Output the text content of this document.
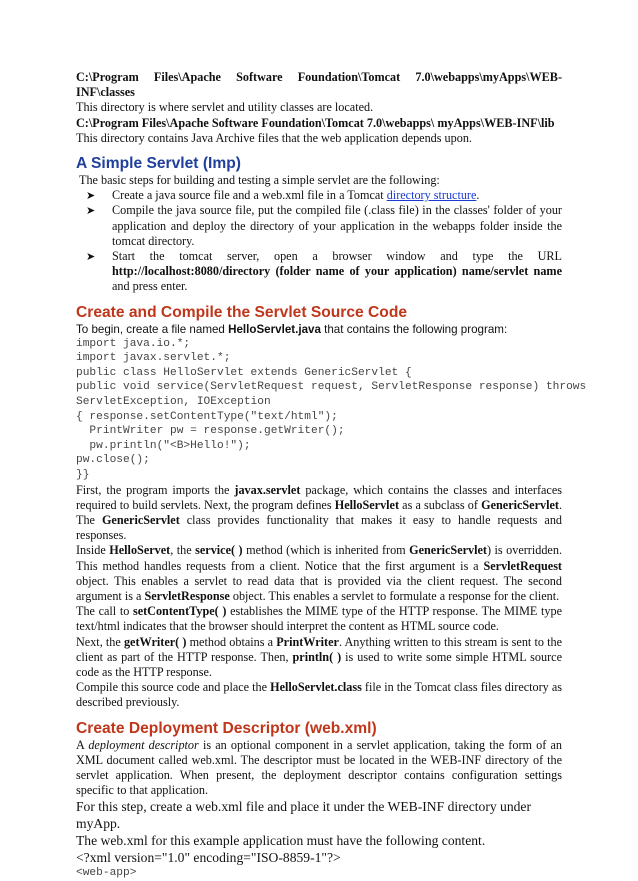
C:\Program Files\Apache Software Foundation\Tomcat 7.0\webapps\myApps\WEB-INF\classes

This directory is where servlet and utility classes are located.

C:\Program Files\Apache Software Foundation\Tomcat 7.0\webapps\ myApps\WEB-INF\lib

This directory contains Java Archive files that the web application depends upon.

A Simple Servlet (Imp)

The basic steps for building and testing a simple servlet are the following:

➤ Create a java source file and a web.xml file in a Tomcat directory structure.
➤ Compile the java source file, put the compiled file (.class file) in the classes' folder of your application and deploy the directory of your application in the webapps folder inside the tomcat directory.
➤ Start the tomcat server, open a browser window and type the URL http://localhost:8080/directory (folder name of your application) name/servlet name and press enter.
Create and Compile the Servlet Source Code

To begin, create a file named HelloServlet.java that contains the following program:

import java.io.*;

import javax.servlet.*;

public class HelloServlet extends GenericServlet {

public void service(ServletRequest request, ServletResponse response) throws

ServletException, IOException

{ response.setContentType("text/html");

PrintWriter pw = response.getWriter();

pw.println("<B>Hello!");

pw.close();

}}

First, the program imports the javax.servlet package, which contains the classes and interfaces required to build servlets. Next, the program defines HelloServlet as a subclass of GenericServlet. The GenericServlet class provides functionality that makes it easy to handle requests and responses.

Inside HelloServet, the service( ) method (which is inherited from GenericServlet) is overridden. This method handles requests from a client. Notice that the first argument is a ServletRequest object. This enables a servlet to read data that is provided via the client request. The second argument is a ServletResponse object. This enables a servlet to formulate a response for the client.

The call to setContentType( ) establishes the MIME type of the HTTP response. The MIME type text/html indicates that the browser should interpret the content as HTML source code.

Next, the getWriter( ) method obtains a PrintWriter. Anything written to this stream is sent to the client as part of the HTTP response. Then, println( ) is used to write some simple HTML source code as the HTTP response.

Compile this source code and place the HelloServlet.class file in the Tomcat class files directory as described previously.

Create Deployment Descriptor (web.xml)

A deployment descriptor is an optional component in a servlet application, taking the form of an XML document called web.xml. The descriptor must be located in the WEB-INF directory of the servlet application. When present, the deployment descriptor contains configuration settings specific to that application.

For this step, create a web.xml file and place it under the WEB-INF directory under myApp.

The web.xml for this example application must have the following content.

<?xml version="1.0" encoding="ISO-8859-1"?>

<web-app>
